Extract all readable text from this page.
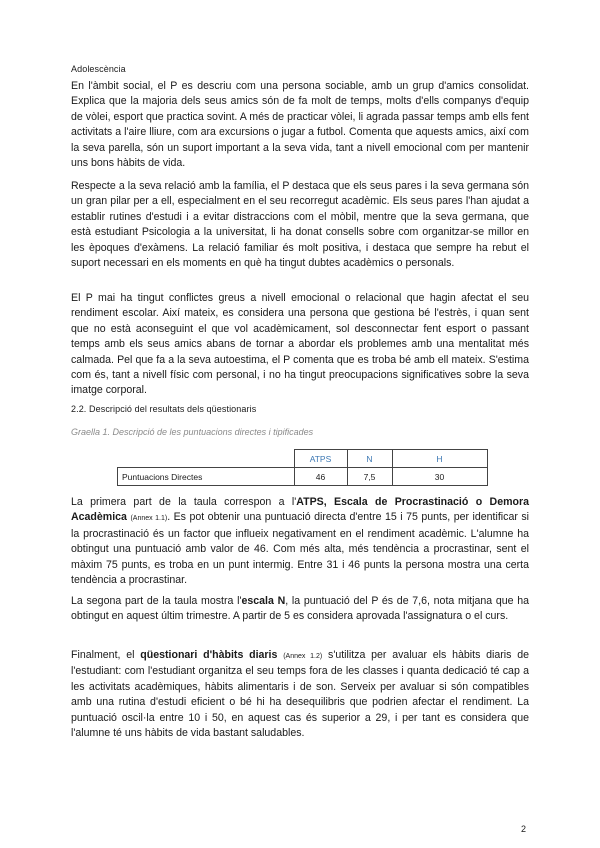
Adolescència

En l'àmbit social, el P es descriu com una persona sociable, amb un grup d'amics consolidat. Explica que la majoria dels seus amics són de fa molt de temps, molts d'ells companys d'equip de vòlei, esport que practica sovint. A més de practicar vòlei, li agrada passar temps amb ells fent activitats a l'aire lliure, com ara excursions o jugar a futbol. Comenta que aquests amics, així com la seva parella, són un suport important a la seva vida, tant a nivell emocional com per mantenir uns bons hàbits de vida.

Respecte a la seva relació amb la família, el P destaca que els seus pares i la seva germana són un gran pilar per a ell, especialment en el seu recorregut acadèmic. Els seus pares l'han ajudat a establir rutines d'estudi i a evitar distraccions com el mòbil, mentre que la seva germana, que està estudiant Psicologia a la universitat, li ha donat consells sobre com organitzar-se millor en les èpoques d'exàmens. La relació familiar és molt positiva, i destaca que sempre ha rebut el suport necessari en els moments en què ha tingut dubtes acadèmics o personals.

El P mai ha tingut conflictes greus a nivell emocional o relacional que hagin afectat el seu rendiment escolar. Així mateix, es considera una persona que gestiona bé l'estrès, i quan sent que no està aconseguint el que vol acadèmicament, sol desconnectar fent esport o passant temps amb els seus amics abans de tornar a abordar els problemes amb una mentalitat més calmada. Pel que fa a la seva autoestima, el P comenta que es troba bé amb ell mateix. S'estima com és, tant a nivell físic com personal, i no ha tingut preocupacions significatives sobre la seva imatge corporal.

2.2. Descripció del resultats dels qüestionaris
Graella 1. Descripció de les puntuacions directes i tipificades
	ATPS	N	H
Puntuacions Directes	46	7,5	30

La primera part de la taula correspon a l'ATPS, Escala de Procrastinació o Demora Acadèmica (Annex 1.1). Es pot obtenir una puntuació directa d'entre 15 i 75 punts, per identificar si la procrastinació és un factor que influeix negativament en el rendiment acadèmic. L'alumne ha obtingut una puntuació amb valor de 46. Com més alta, més tendència a procrastinar, sent el màxim 75 punts, es troba en un punt intermig. Entre 31 i 46 punts la persona mostra una certa tendència a procrastinar.

La segona part de la taula mostra l'escala N, la puntuació del P és de 7,6, nota mitjana que ha obtingut en aquest últim trimestre. A partir de 5 es considera aprovada l'assignatura o el curs.

Finalment, el qüestionari d'hàbits diaris (Annex 1.2) s'utilitza per avaluar els hàbits diaris de l'estudiant: com l'estudiant organitza el seu temps fora de les classes i quanta dedicació té cap a les activitats acadèmiques, hàbits alimentaris i de son. Serveix per avaluar si són compatibles amb una rutina d'estudi eficient o bé hi ha desequilibris que podrien afectar el rendiment. La puntuació oscil·la entre 10 i 50, en aquest cas és superior a 29, i per tant es considera que l'alumne té uns hàbits de vida bastant saludables.

2
